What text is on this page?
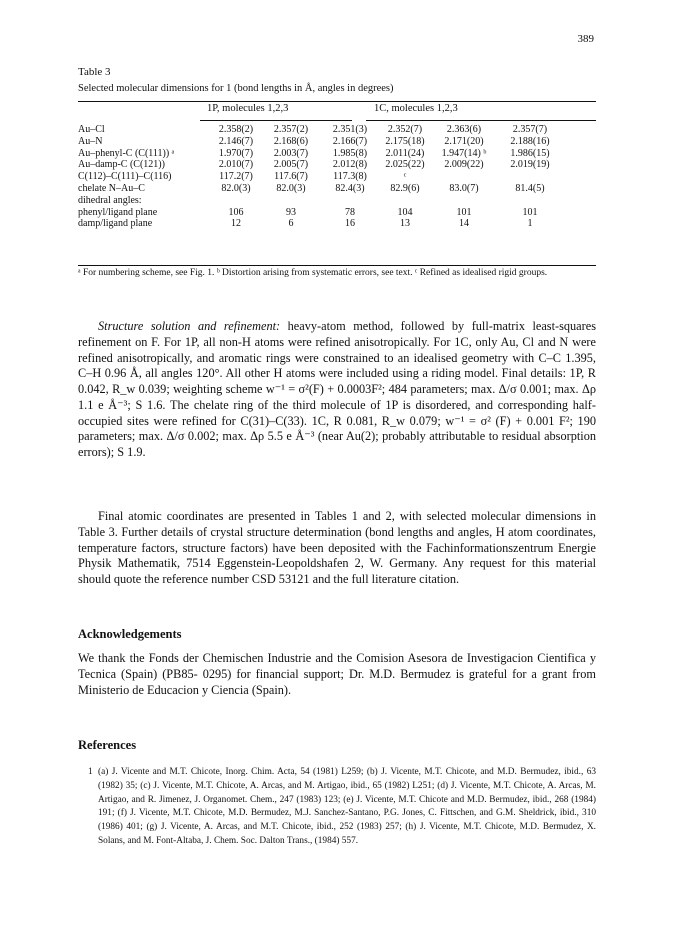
389
Table 3
Selected molecular dimensions for 1 (bond lengths in Å, angles in degrees)
1P, molecules 1,2,3	1C, molecules 1,2,3
Au–Cl	2.358(2)	2.357(2)	2.351(3)	2.352(7)	2.363(6)	2.357(7)
Au–N	2.146(7)	2.168(6)	2.166(7)	2.175(18)	2.171(20)	2.188(16)
Au–phenyl-C (C(111)) ᵃ	1.970(7)	2.003(7)	1.985(8)	2.011(24)	1.947(14) ᵇ	1.986(15)
Au–damp-C (C(121))	2.010(7)	2.005(7)	2.012(8)	2.025(22)	2.009(22)	2.019(19)
C(112)–C(111)–C(116)	117.2(7)	117.6(7)	117.3(8)	ᶜ		
chelate N–Au–C	82.0(3)	82.0(3)	82.4(3)	82.9(6)	83.0(7)	81.4(5)
dihedral angles:						
phenyl/ligand plane	106	93	78	104	101	101
damp/ligand plane	12	6	16	13	14	1
ᵃ For numbering scheme, see Fig. 1. ᵇ Distortion arising from systematic errors, see text. ᶜ Refined as idealised rigid groups.

Structure solution and refinement: heavy-atom method, followed by full-matrix least-squares refinement on F. For 1P, all non-H atoms were refined anisotropically. For 1C, only Au, Cl and N were refined anisotropically, and aromatic rings were constrained to an idealised geometry with C–C 1.395, C–H 0.96 Å, all angles 120°. All other H atoms were included using a riding model. Final details: 1P, R 0.042, R_w 0.039; weighting scheme w⁻¹ = σ²(F) + 0.0003F²; 484 parameters; max. Δ/σ 0.001; max. Δρ 1.1 e Å⁻³; S 1.6. The chelate ring of the third molecule of 1P is disordered, and corresponding half-occupied sites were refined for C(31)–C(33). 1C, R 0.081, R_w 0.079; w⁻¹ = σ² (F) + 0.001 F²; 190 parameters; max. Δ/σ 0.002; max. Δρ 5.5 e Å⁻³ (near Au(2); probably attributable to residual absorption errors); S 1.9.

Final atomic coordinates are presented in Tables 1 and 2, with selected molecular dimensions in Table 3. Further details of crystal structure determination (bond lengths and angles, H atom coordinates, temperature factors, structure factors) have been deposited with the Fachinformationszentrum Energie Physik Mathematik, 7514 Eggenstein-Leopoldshafen 2, W. Germany. Any request for this material should quote the reference number CSD 53121 and the full literature citation.

Acknowledgements

We thank the Fonds der Chemischen Industrie and the Comision Asesora de Investigacion Cientifica y Tecnica (Spain) (PB85- 0295) for financial support; Dr. M.D. Bermudez is grateful for a grant from Ministerio de Educacion y Ciencia (Spain).

References
1 (a) J. Vicente and M.T. Chicote, Inorg. Chim. Acta, 54 (1981) L259; (b) J. Vicente, M.T. Chicote, and M.D. Bermudez, ibid., 63 (1982) 35; (c) J. Vicente, M.T. Chicote, A. Arcas, and M. Artigao, ibid., 65 (1982) L251; (d) J. Vicente, M.T. Chicote, A. Arcas, M. Artigao, and R. Jimenez, J. Organomet. Chem., 247 (1983) 123; (e) J. Vicente, M.T. Chicote and M.D. Bermudez, ibid., 268 (1984) 191; (f) J. Vicente, M.T. Chicote, M.D. Bermudez, M.J. Sanchez-Santano, P.G. Jones, C. Fittschen, and G.M. Sheldrick, ibid., 310 (1986) 401; (g) J. Vicente, A. Arcas, and M.T. Chicote, ibid., 252 (1983) 257; (h) J. Vicente, M.T. Chicote, M.D. Bermudez, X. Solans, and M. Font-Altaba, J. Chem. Soc. Dalton Trans., (1984) 557.
